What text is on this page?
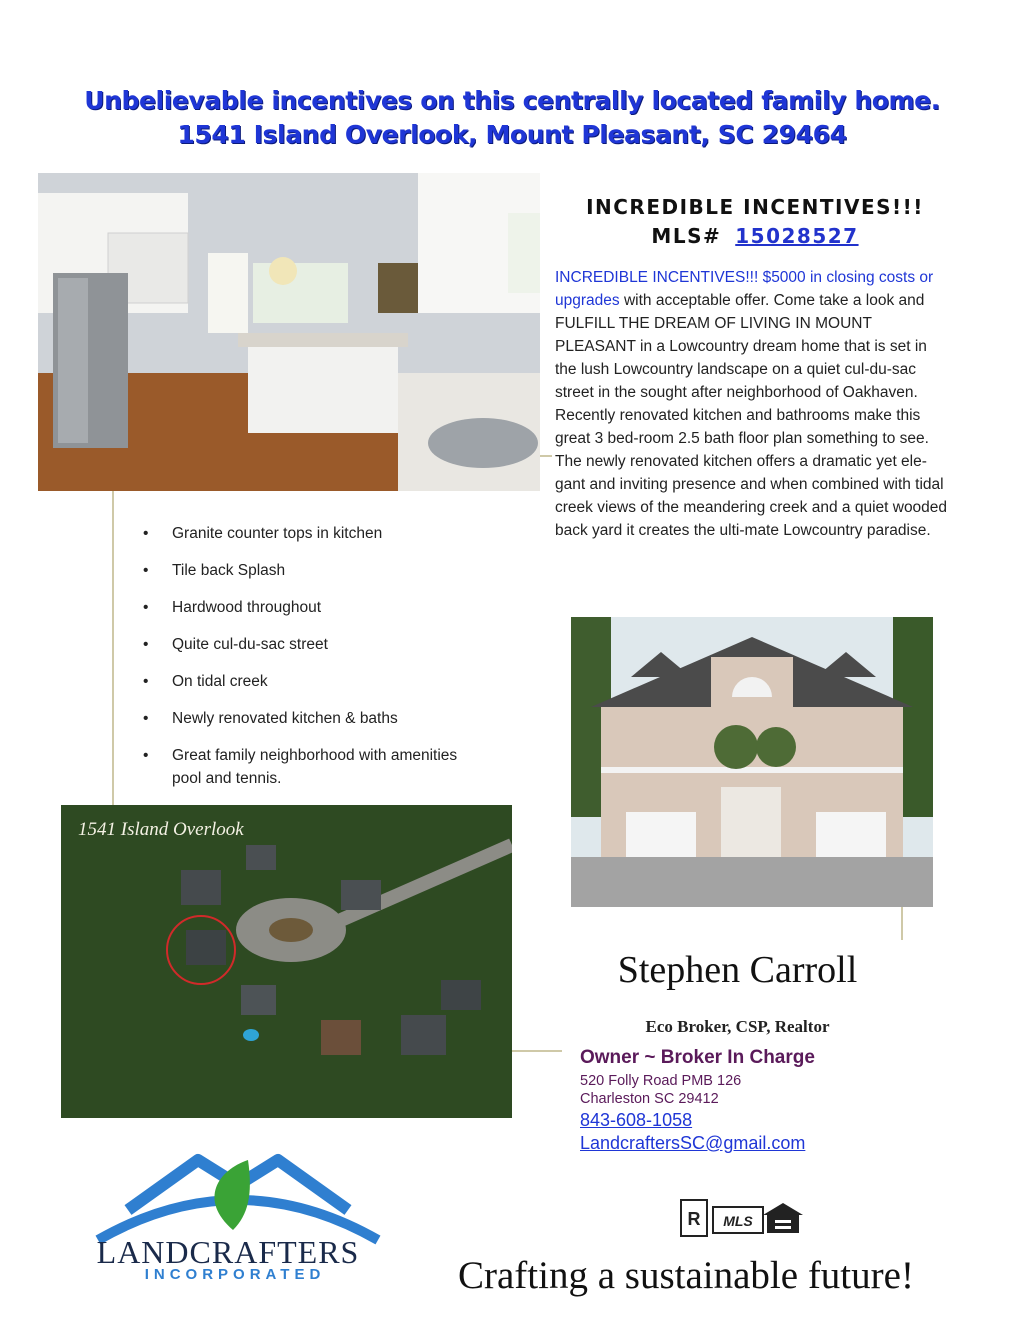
Unbelievable incentives on this centrally located family home.
1541 Island Overlook, Mount Pleasant, SC 29464
INCREDIBLE INCENTIVES!!!
MLS# 15028527
INCREDIBLE INCENTIVES!!! $5000 in closing costs or upgrades with acceptable offer. Come take a look and FULFILL THE DREAM OF LIVING IN MOUNT PLEASANT in a Lowcountry dream home that is set in the lush Lowcountry landscape on a quiet cul-du-sac street in the sought after neighborhood of Oakhaven. Recently renovated kitchen and bathrooms make this great 3 bed-room 2.5 bath floor plan something to see. The newly renovated kitchen offers a dramatic yet ele-gant and inviting presence and when combined with tidal creek views of the meandering creek and a quiet wooded back yard it creates the ulti-mate Lowcountry paradise.
• Granite counter tops in kitchen
• Tile back Splash
• Hardwood throughout
• Quite cul-du-sac street
• On tidal creek
• Newly renovated kitchen & baths
• Great family neighborhood with amenities pool and tennis.
1541 Island Overlook
Stephen Carroll
Eco Broker, CSP, Realtor
Owner ~ Broker In Charge
520 Folly Road PMB 126
Charleston SC 29412
843-608-1058
LandcraftersSC@gmail.com
LANDCRAFTERS
INCORPORATED
R MLS
Crafting a sustainable future!
